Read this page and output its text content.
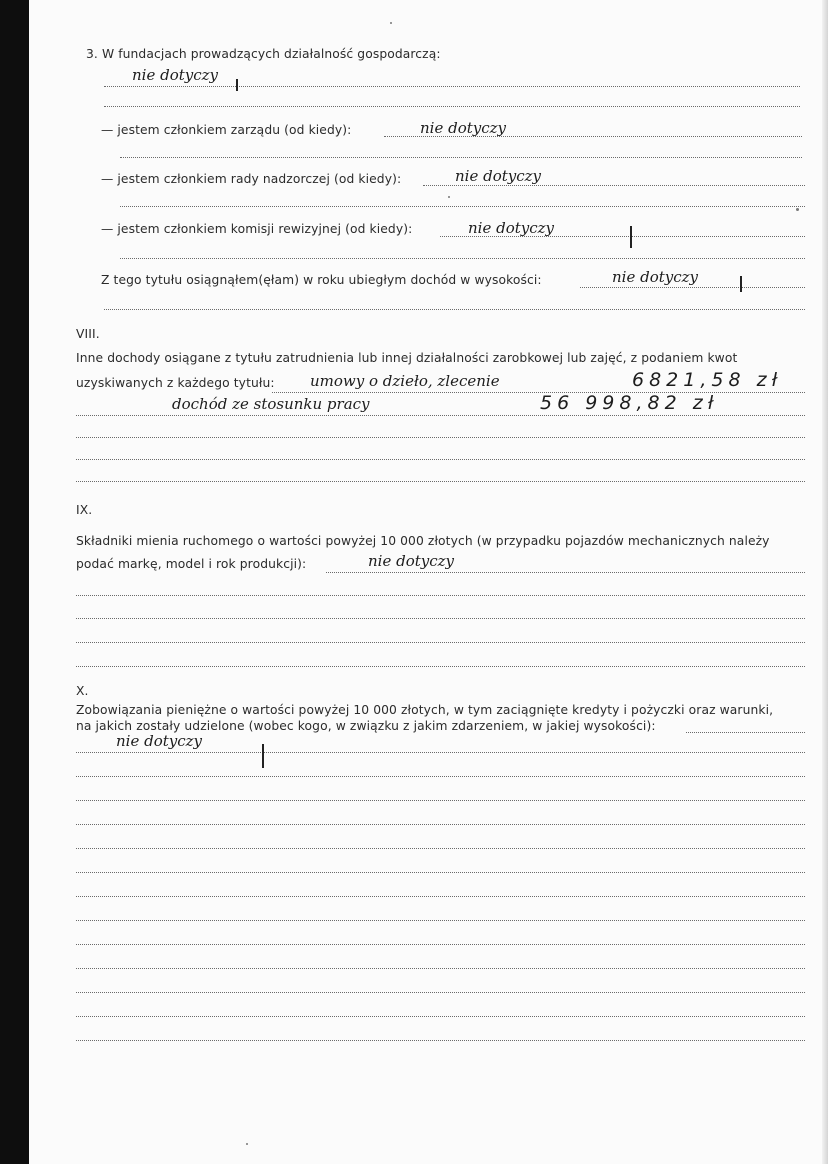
3. W fundacjach prowadzących działalność gospodarczą:
nie dotyczy
— jestem członkiem zarządu (od kiedy):	nie dotyczy
— jestem członkiem rady nadzorczej (od kiedy):	nie dotyczy
— jestem członkiem komisji rewizyjnej (od kiedy):	nie dotyczy
Z tego tytułu osiągnąłem(ęłam) w roku ubiegłym dochód w wysokości:	nie dotyczy
VIII.
Inne dochody osiągane z tytułu zatrudnienia lub innej działalności zarobkowej lub zajęć, z podaniem kwot
uzyskiwanych z każdego tytułu: umowy o dzieło, zlecenie	6821,58 zł
dochód ze stosunku pracy	56 998,82 zł
IX.
Składniki mienia ruchomego o wartości powyżej 10 000 złotych (w przypadku pojazdów mechanicznych należy
podać markę, model i rok produkcji):	nie dotyczy
X.
Zobowiązania pieniężne o wartości powyżej 10 000 złotych, w tym zaciągnięte kredyty i pożyczki oraz warunki,
na jakich zostały udzielone (wobec kogo, w związku z jakim zdarzeniem, w jakiej wysokości):
nie dotyczy
